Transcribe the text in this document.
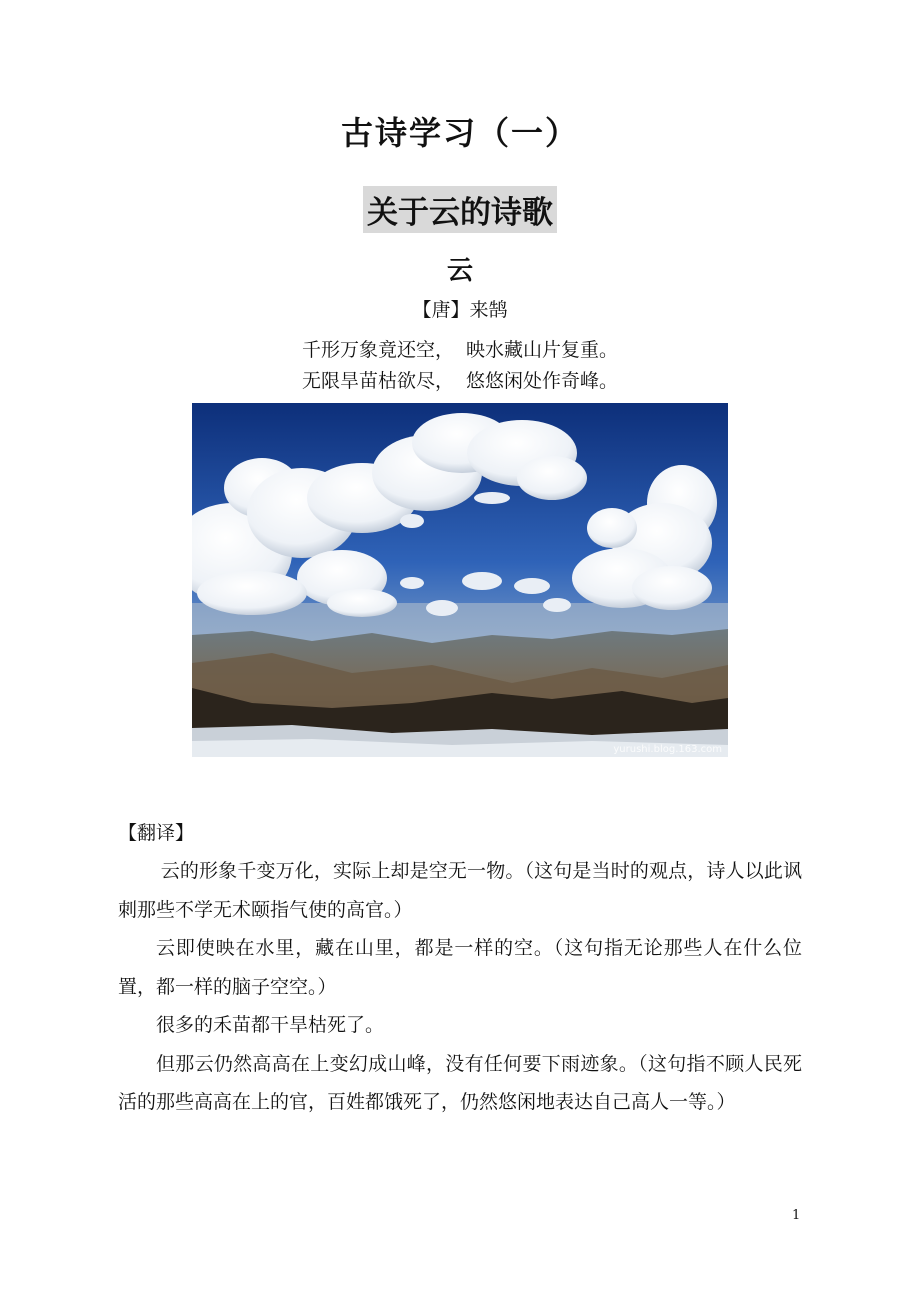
古诗学习（一）
关于云的诗歌
云
【唐】来鹄
千形万象竟还空，  映水藏山片复重。
无限旱苗枯欲尽，  悠悠闲处作奇峰。
yurushi.blog.163.com
【翻译】

云的形象千变万化，实际上却是空无一物。（这句是当时的观点，诗人以此讽刺那些不学无术颐指气使的高官。）

云即使映在水里，藏在山里，都是一样的空。（这句指无论那些人在什么位置，都一样的脑子空空。）

很多的禾苗都干旱枯死了。

但那云仍然高高在上变幻成山峰，没有任何要下雨迹象。（这句指不顾人民死活的那些高高在上的官，百姓都饿死了，仍然悠闲地表达自己高人一等。）

1
